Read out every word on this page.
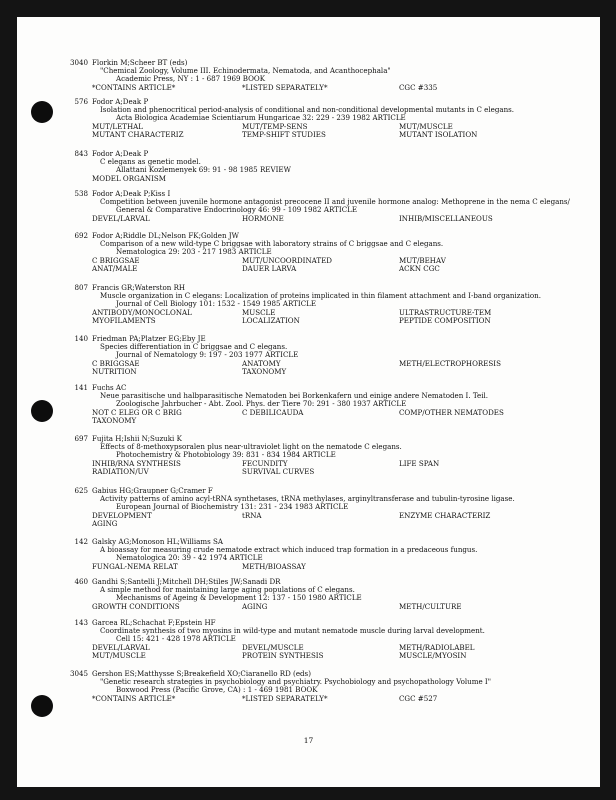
3040 Florkin M;Scheer BT (eds)
"Chemical Zoology, Volume III. Echinodermata, Nematoda, and Acanthocephala"
Academic Press, NY : 1 - 687 1969 BOOK
*CONTAINS ARTICLE*	*LISTED SEPARATELY*	CGC #335
576 Fodor A;Deak P
Isolation and phenocritical period-analysis of conditional and non-conditional developmental mutants in C elegans.
Acta Biologica Academiae Scientiarum Hungaricae 32: 229 - 239 1982 ARTICLE
MUT/LETHAL	MUT/TEMP-SENS	MUT/MUSCLE
MUTANT CHARACTERIZ	TEMP-SHIFT STUDIES	MUTANT ISOLATION
843 Fodor A;Deak P
C elegans as genetic model.
Allattani Kozlemenyek 69: 91 - 98 1985 REVIEW
MODEL ORGANISM
538 Fodor A;Deak P;Kiss I
Competition between juvenile hormone antagonist precocene II and juvenile hormone analog: Methoprene in the nema C elegans/
General & Comparative Endocrinology 46: 99 - 109 1982 ARTICLE
DEVEL/LARVAL	HORMONE	INHIB/MISCELLANEOUS
692 Fodor A;Riddle DL;Nelson FK;Golden JW
Comparison of a new wild-type C briggsae with laboratory strains of C briggsae and C elegans.
Nematologica 29: 203 - 217 1983 ARTICLE
C BRIGGSAE	MUT/UNCOORDINATED	MUT/BEHAV
ANAT/MALE	DAUER LARVA	ACKN CGC
807 Francis GR;Waterston RH
Muscle organization in C elegans: Localization of proteins implicated in thin filament attachment and I-band organization.
Journal of Cell Biology 101: 1532 - 1549 1985 ARTICLE
ANTIBODY/MONOCLONAL	MUSCLE	ULTRASTRUCTURE-TEM
MYOFILAMENTS	LOCALIZATION	PEPTIDE COMPOSITION
140 Friedman PA;Platzer EG;Eby JE
Species differentiation in C briggsae and C elegans.
Journal of Nematology 9: 197 - 203 1977 ARTICLE
C BRIGGSAE	ANATOMY	METH/ELECTROPHORESIS
NUTRITION	TAXONOMY
141 Fuchs AC
Neue parasitische und halbparasitische Nematoden bei Borkenkafern und einige andere Nematoden I. Teil.
Zoologische Jahrbucher - Abt. Zool. Phys. der Tiere 70: 291 - 380 1937 ARTICLE
NOT C ELEG OR C BRIG	C DEBILICAUDA	COMP/OTHER NEMATODES
TAXONOMY
697 Fujita H;Ishii N;Suzuki K
Effects of 8-methoxypsoralen plus near-ultraviolet light on the nematode C elegans.
Photochemistry & Photobiology 39: 831 - 834 1984 ARTICLE
INHIB/RNA SYNTHESIS	FECUNDITY	LIFE SPAN
RADIATION/UV	SURVIVAL CURVES
625 Gabius HG;Graupner G;Cramer F
Activity patterns of amino acyl-tRNA synthetases, tRNA methylases, arginyltransferase and tubulin-tyrosine ligase.
European Journal of Biochemistry 131: 231 - 234 1983 ARTICLE
DEVELOPMENT	tRNA	ENZYME CHARACTERIZ
AGING
142 Galsky AG;Monoson HL;Williams SA
A bioassay for measuring crude nematode extract which induced trap formation in a predaceous fungus.
Nematologica 20: 39 - 42 1974 ARTICLE
FUNGAL-NEMA RELAT	METH/BIOASSAY
460 Gandhi S;Santelli J;Mitchell DH;Stiles JW;Sanadi DR
A simple method for maintaining large aging populations of C elegans.
Mechanisms of Ageing & Development 12: 137 - 150 1980 ARTICLE
GROWTH CONDITIONS	AGING	METH/CULTURE
143 Garcea RL;Schachat F;Epstein HF
Coordinate synthesis of two myosins in wild-type and mutant nematode muscle during larval development.
Cell 15: 421 - 428 1978 ARTICLE
DEVEL/LARVAL	DEVEL/MUSCLE	METH/RADIOLABEL
MUT/MUSCLE	PROTEIN SYNTHESIS	MUSCLE/MYOSIN
3045 Gershon ES;Matthysse S;Breakefield XO;Ciaranello RD (eds)
"Genetic research strategies in psychobiology and psychiatry. Psychobiology and psychopathology Volume I"
Boxwood Press (Pacific Grove, CA) : 1 - 469 1981 BOOK
*CONTAINS ARTICLE*	*LISTED SEPARATELY*	CGC #527
17
